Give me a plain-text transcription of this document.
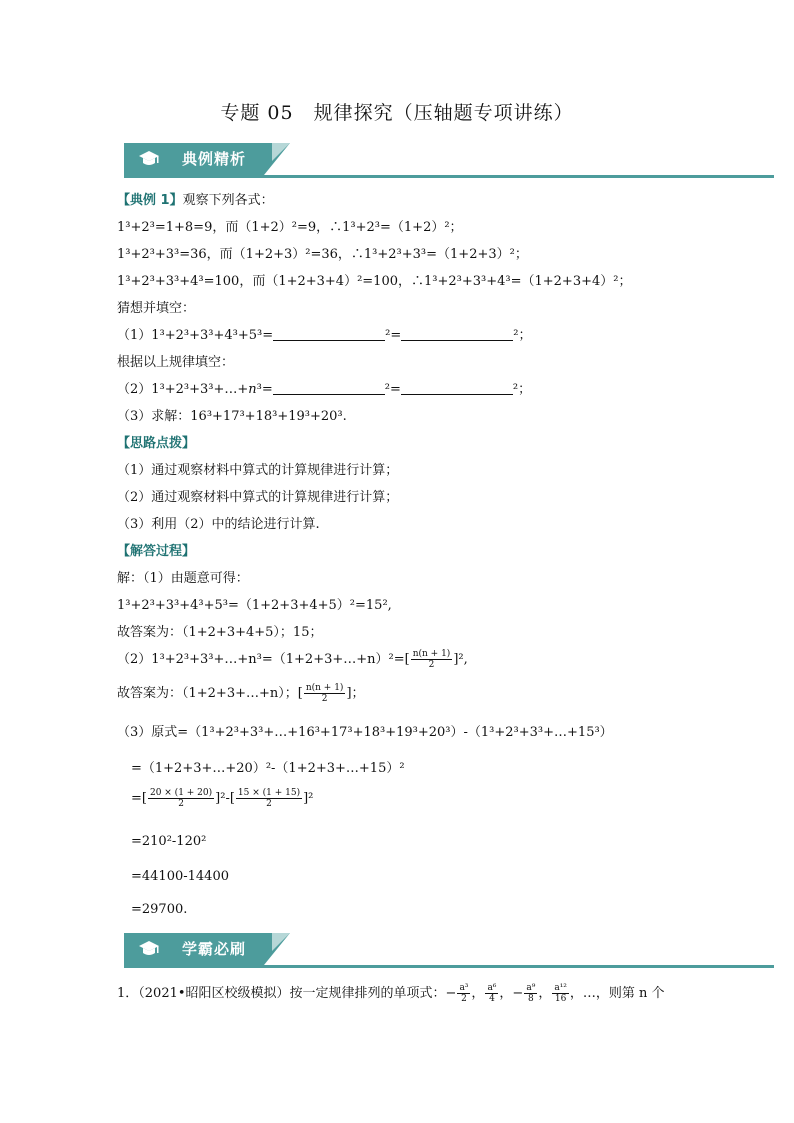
专题 05　规律探究（压轴题专项讲练）
典例精析
【典例 1】观察下列各式：
1³+2³=1+8=9，而（1+2）²=9，∴1³+2³=（1+2）²；
1³+2³+3³=36，而（1+2+3）²=36，∴1³+2³+3³=（1+2+3）²；
1³+2³+3³+4³=100，而（1+2+3+4）²=100，∴1³+2³+3³+4³=（1+2+3+4）²；
猜想并填空：
（1）1³+2³+3³+4³+5³=	²=	²；
根据以上规律填空：
（2）1³+2³+3³+…+n³=	²=	²；
（3）求解：16³+17³+18³+19³+20³.
【思路点拨】
（1）通过观察材料中算式的计算规律进行计算；
（2）通过观察材料中算式的计算规律进行计算；
（3）利用（2）中的结论进行计算.
【解答过程】
解：（1）由题意可得：
1³+2³+3³+4³+5³=（1+2+3+4+5）²=15²,
故答案为：（1+2+3+4+5）；15；
（2）1³+2³+3³+…+n³=（1+2+3+…+n）²=[ $\frac{n(n + 1)}{2} ]^2$,
故答案为：（1+2+3+…+n）；[ $\frac{n(n + 1)}{2}$ ]；
（3）原式=（1³+2³+3³+…+16³+17³+18³+19³+20³）-（1³+2³+3³+…+15³）
=（1+2+3+…+20）²-（1+2+3+…+15）²
=[ $\frac{20 \times (1 + 20)}{2} ]^2-[ \frac{15 \times (1 + 15)}{2} ]^2$
=210²-120²
=44100-14400
=29700.
学霸必刷
1．（2021•昭阳区校级模拟）按一定规律排列的单项式：− $\frac{\text{a³}}{2}$ ， $\frac{\text{a⁶}}{4}$ ，− $\frac{\text{a⁹}}{8}$ ， $\frac{\text{a¹²}}{16}$ ，…，则第 n 个
